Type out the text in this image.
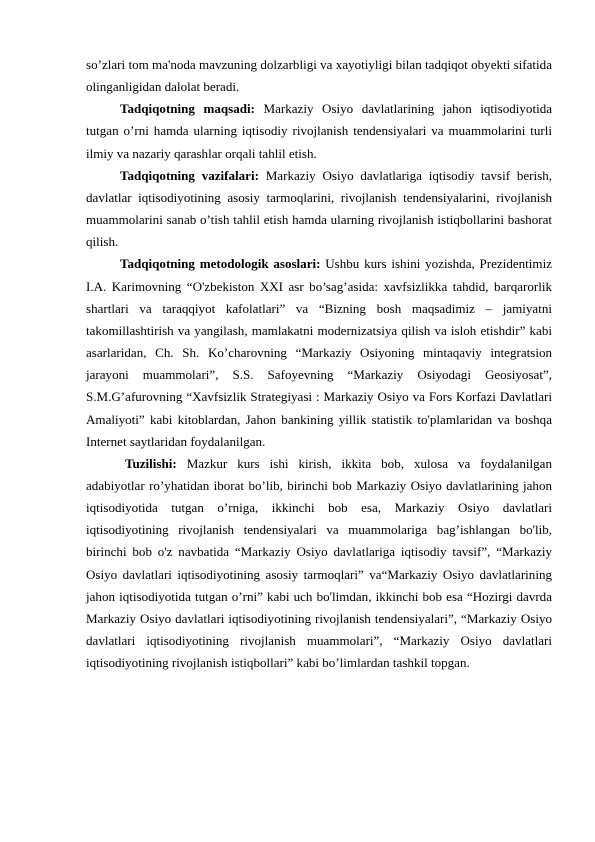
so’zlari tom ma'noda mavzuning dolzarbligi va xayotiyligi bilan tadqiqot obyekti sifatida olinganligidan dalolat beradi.

Tadqiqotning maqsadi: Markaziy Osiyo davlatlarining jahon iqtisodiyotida tutgan o’rni hamda ularning iqtisodiy rivojlanish tendensiyalari va muammolarini turli ilmiy va nazariy qarashlar orqali tahlil etish.

Tadqiqotning vazifalari: Markaziy Osiyo davlatlariga iqtisodiy tavsif berish, davlatlar iqtisodiyotining asosiy tarmoqlarini, rivojlanish tendensiyalarini, rivojlanish muammolarini sanab o’tish tahlil etish hamda ularning rivojlanish istiqbollarini bashorat qilish.

Tadqiqotning metodologik asoslari: Ushbu kurs ishini yozishda, Prezidentimiz I.A. Karimovning “O'zbekiston XXI asr bo’sag’asida: xavfsizlikka tahdid, barqarorlik shartlari va taraqqiyot kafolatlari” va “Bizning bosh maqsadimiz – jamiyatni takomillashtirish va yangilash, mamlakatni modernizatsiya qilish va isloh etishdir” kabi asarlaridan, Ch. Sh. Ko’charovning “Markaziy Osiyoning mintaqaviy integratsion jarayoni muammolari”, S.S. Safoyevning “Markaziy Osiyodagi Geosiyosat”, S.M.G’afurovning “Xavfsizlik Strategiyasi : Markaziy Osiyo va Fors Korfazi Davlatlari Amaliyoti” kabi kitoblardan, Jahon bankining yillik statistik to'plamlaridan va boshqa Internet saytlaridan foydalanilgan.

Tuzilishi: Mazkur kurs ishi kirish, ikkita bob, xulosa va foydalanilgan adabiyotlar ro’yhatidan iborat bo’lib, birinchi bob Markaziy Osiyo davlatlarining jahon iqtisodiyotida tutgan o’rniga, ikkinchi bob esa, Markaziy Osiyo davlatlari iqtisodiyotining rivojlanish tendensiyalari va muammolariga bag’ishlangan bo'lib, birinchi bob o'z navbatida “Markaziy Osiyo davlatlariga iqtisodiy tavsif”, “Markaziy Osiyo davlatlari iqtisodiyotining asosiy tarmoqlari” va“Markaziy Osiyo davlatlarining jahon iqtisodiyotida tutgan o’rni” kabi uch bo'limdan, ikkinchi bob esa “Hozirgi davrda Markaziy Osiyo davlatlari iqtisodiyotining rivojlanish tendensiyalari”, “Markaziy Osiyo davlatlari iqtisodiyotining rivojlanish muammolari”, “Markaziy Osiyo davlatlari iqtisodiyotining rivojlanish istiqbollari” kabi bo’limlardan tashkil topgan.
